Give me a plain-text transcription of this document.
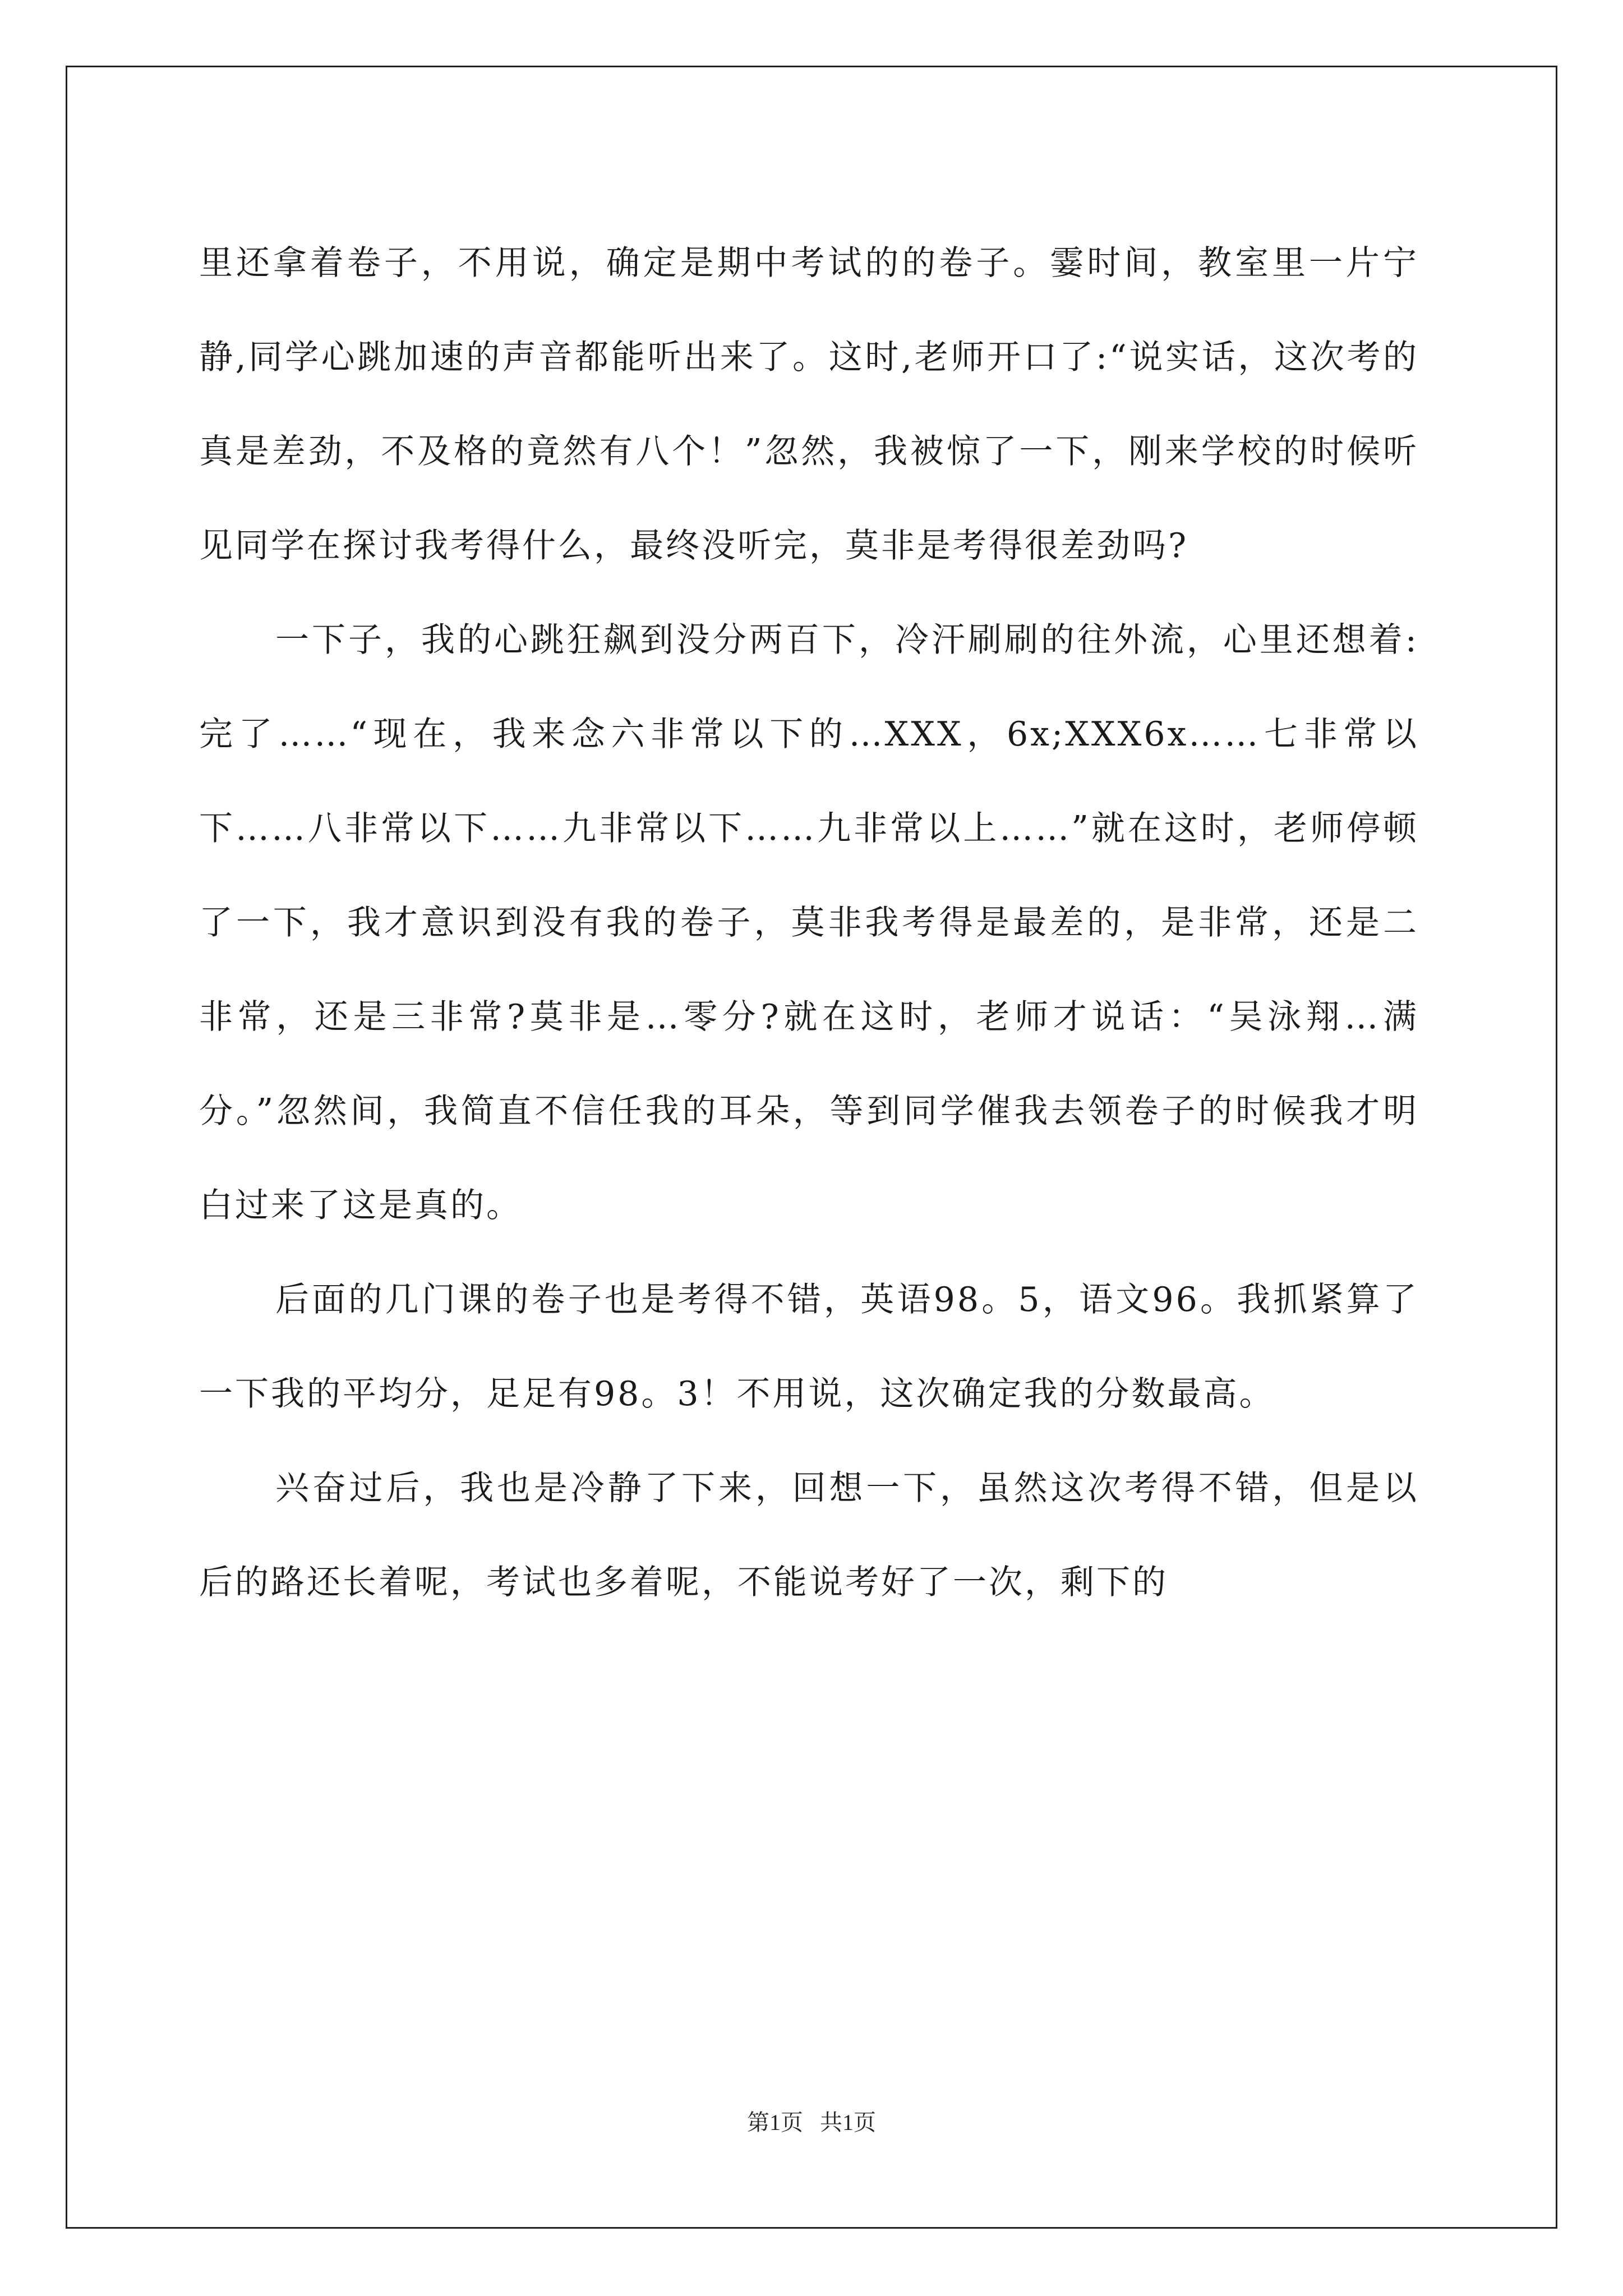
里还拿着卷子，不用说，确定是期中考试的的卷子。霎时间，教室里一片宁静,同学心跳加速的声音都能听出来了。这时,老师开口了:“说实话，这次考的真是差劲，不及格的竟然有八个！”忽然，我被惊了一下，刚来学校的时候听见同学在探讨我考得什么，最终没听完，莫非是考得很差劲吗?

一下子，我的心跳狂飙到没分两百下，冷汗刷刷的往外流，心里还想着:完了……“现在，我来念六非常以下的…XXX，6x;XXX6x……七非常以下……八非常以下……九非常以下……九非常以上……”就在这时，老师停顿了一下，我才意识到没有我的卷子，莫非我考得是最差的，是非常，还是二非常，还是三非常?莫非是…零分?就在这时，老师才说话：“吴泳翔…满分。”忽然间，我简直不信任我的耳朵，等到同学催我去领卷子的时候我才明白过来了这是真的。

后面的几门课的卷子也是考得不错，英语98。5，语文96。我抓紧算了一下我的平均分，足足有98。3！不用说，这次确定我的分数最高。

兴奋过后，我也是冷静了下来，回想一下，虽然这次考得不错，但是以后的路还长着呢，考试也多着呢，不能说考好了一次，剩下的

第1页 共1页
